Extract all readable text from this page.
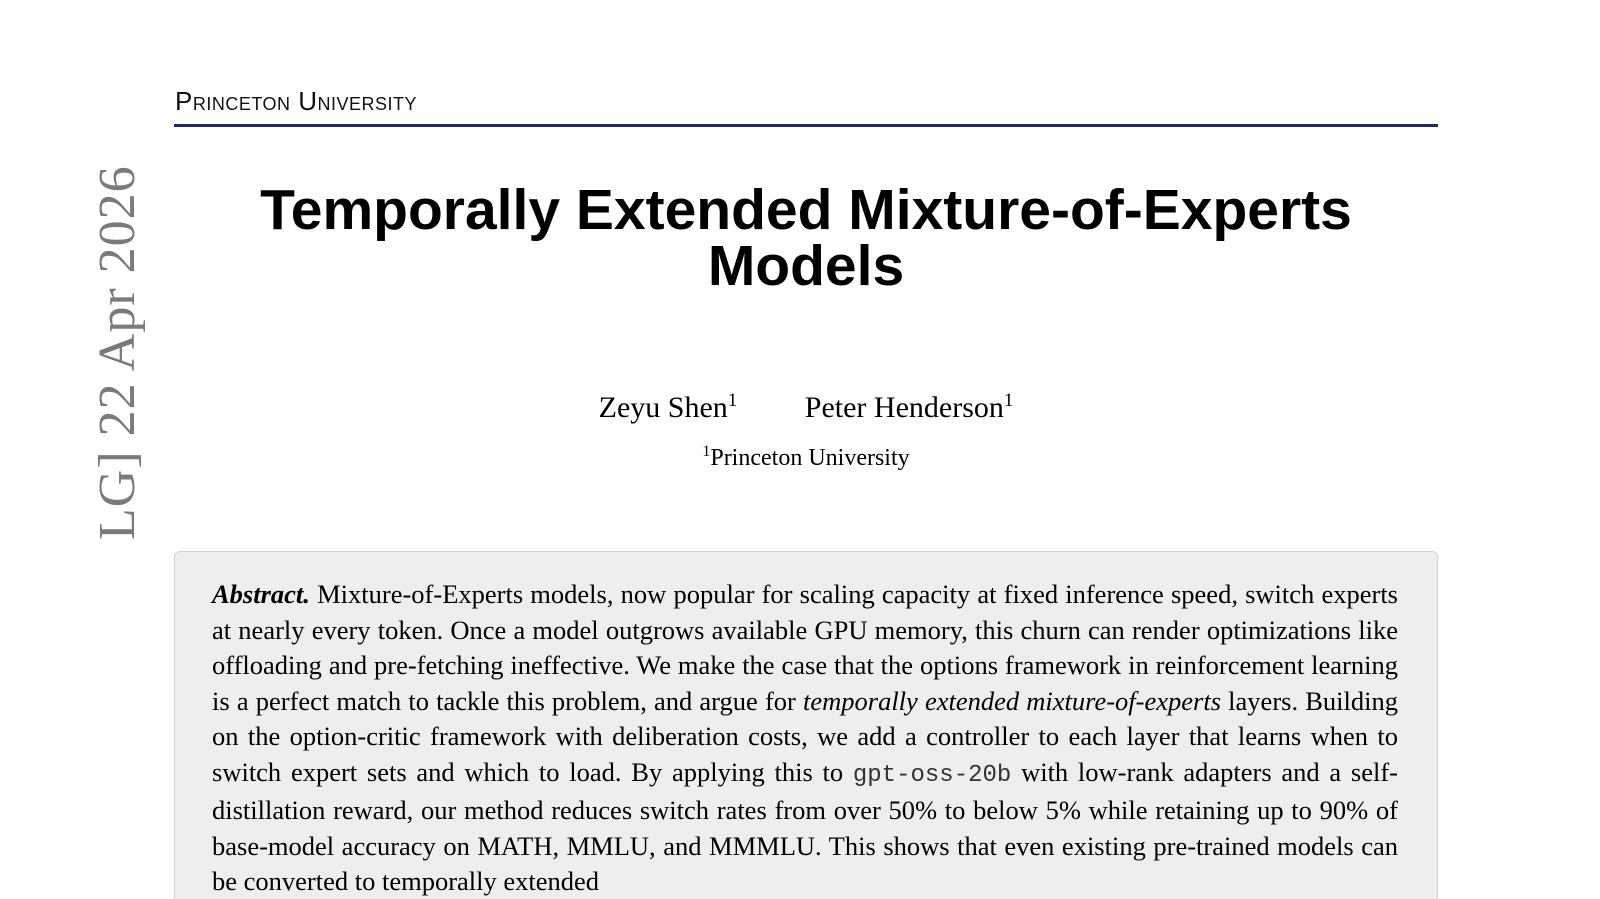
Princeton University
Temporally Extended Mixture-of-Experts
Models
Zeyu Shen$^1$ Peter Henderson$^1$
$^1$Princeton University
Abstract. Mixture-of-Experts models, now popular for scaling capacity at fixed inference speed, switch experts at nearly every token. Once a model outgrows available GPU memory, this churn can render optimizations like offloading and pre-fetching ineffective. We make the case that the options framework in reinforcement learning is a perfect match to tackle this problem, and argue for temporally extended mixture-of-experts layers. Building on the option-critic framework with deliberation costs, we add a controller to each layer that learns when to switch expert sets and which to load. By applying this to gpt-oss-20b with low-rank adapters and a self-distillation reward, our method reduces switch rates from over 50% to below 5% while retaining up to 90% of base-model accuracy on MATH, MMLU, and MMMLU. This shows that even existing pre-trained models can be converted to temporally extended
LG] 22 Apr 2026
